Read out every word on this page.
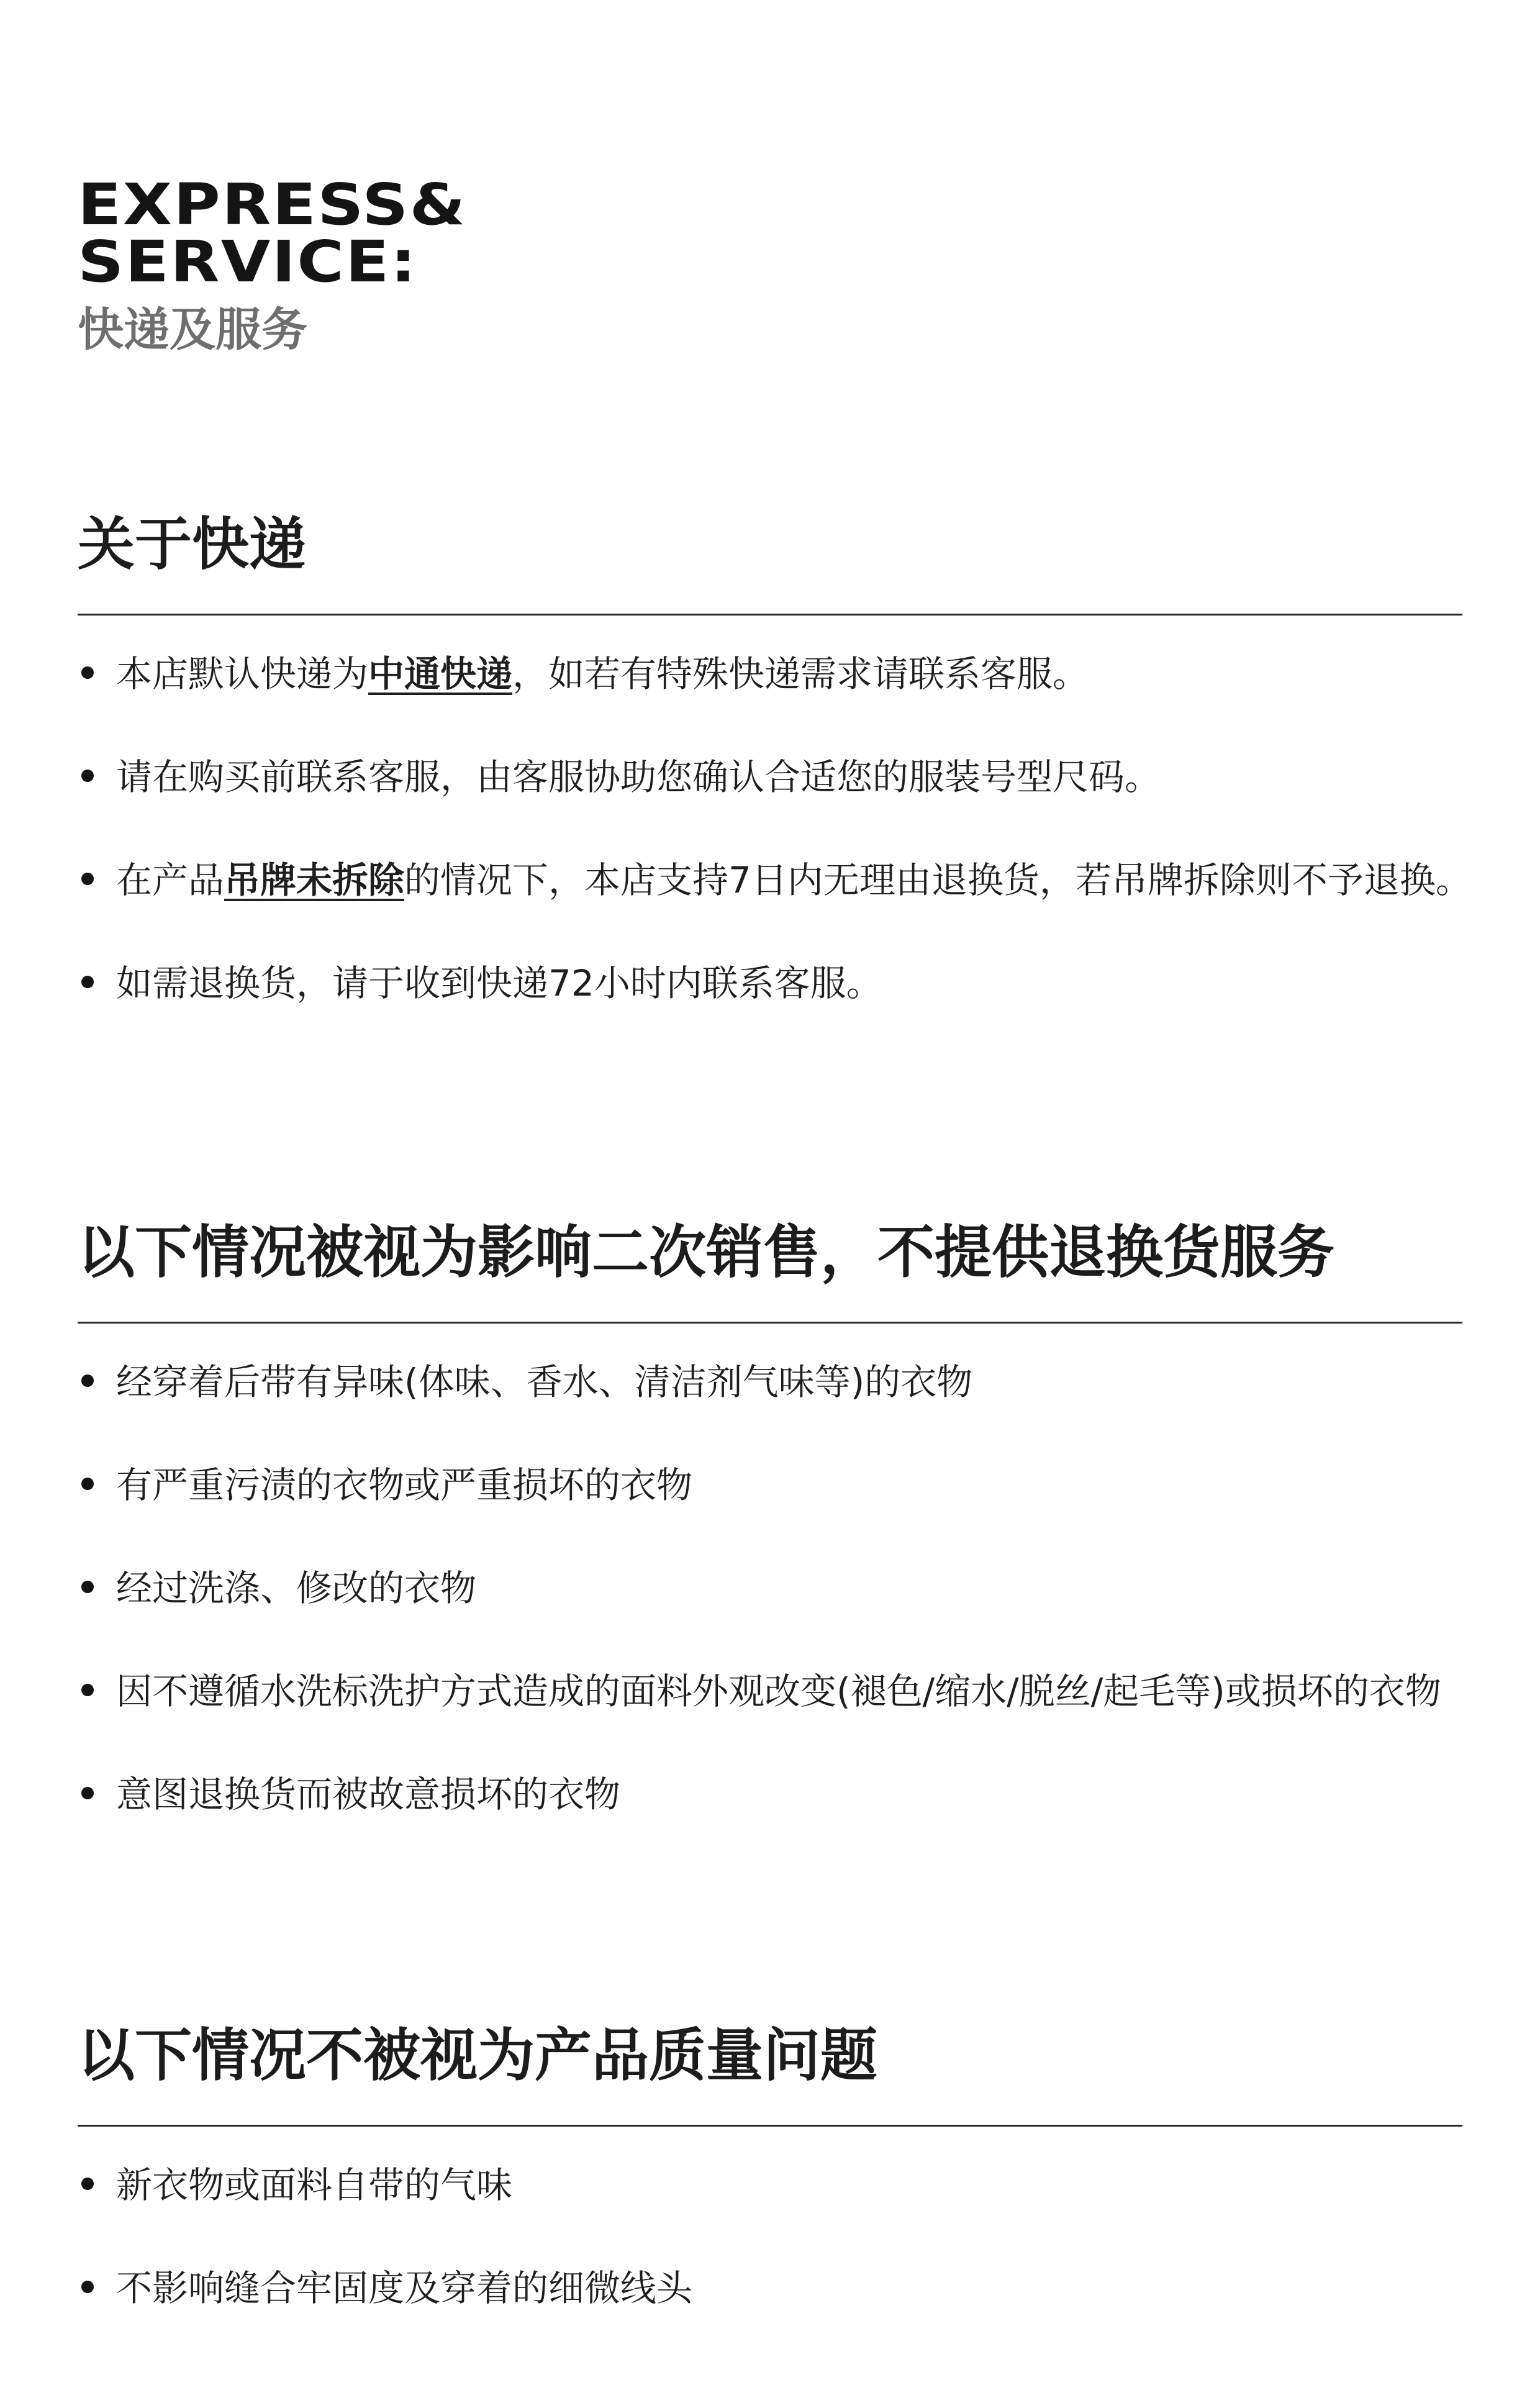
EXPRESS&
SERVICE:
快递及服务
关于快递
本店默认快递为中通快递，如若有特殊快递需求请联系客服。
请在购买前联系客服，由客服协助您确认合适您的服装号型尺码。
在产品吊牌未拆除的情况下，本店支持7日内无理由退换货，若吊牌拆除则不予退换。
如需退换货，请于收到快递72小时内联系客服。
以下情况被视为影响二次销售，不提供退换货服务
经穿着后带有异味(体味、香水、清洁剂气味等)的衣物
有严重污渍的衣物或严重损坏的衣物
经过洗涤、修改的衣物
因不遵循水洗标洗护方式造成的面料外观改变(褪色/缩水/脱丝/起毛等)或损坏的衣物
意图退换货而被故意损坏的衣物
以下情况不被视为产品质量问题
新衣物或面料自带的气味
不影响缝合牢固度及穿着的细微线头
